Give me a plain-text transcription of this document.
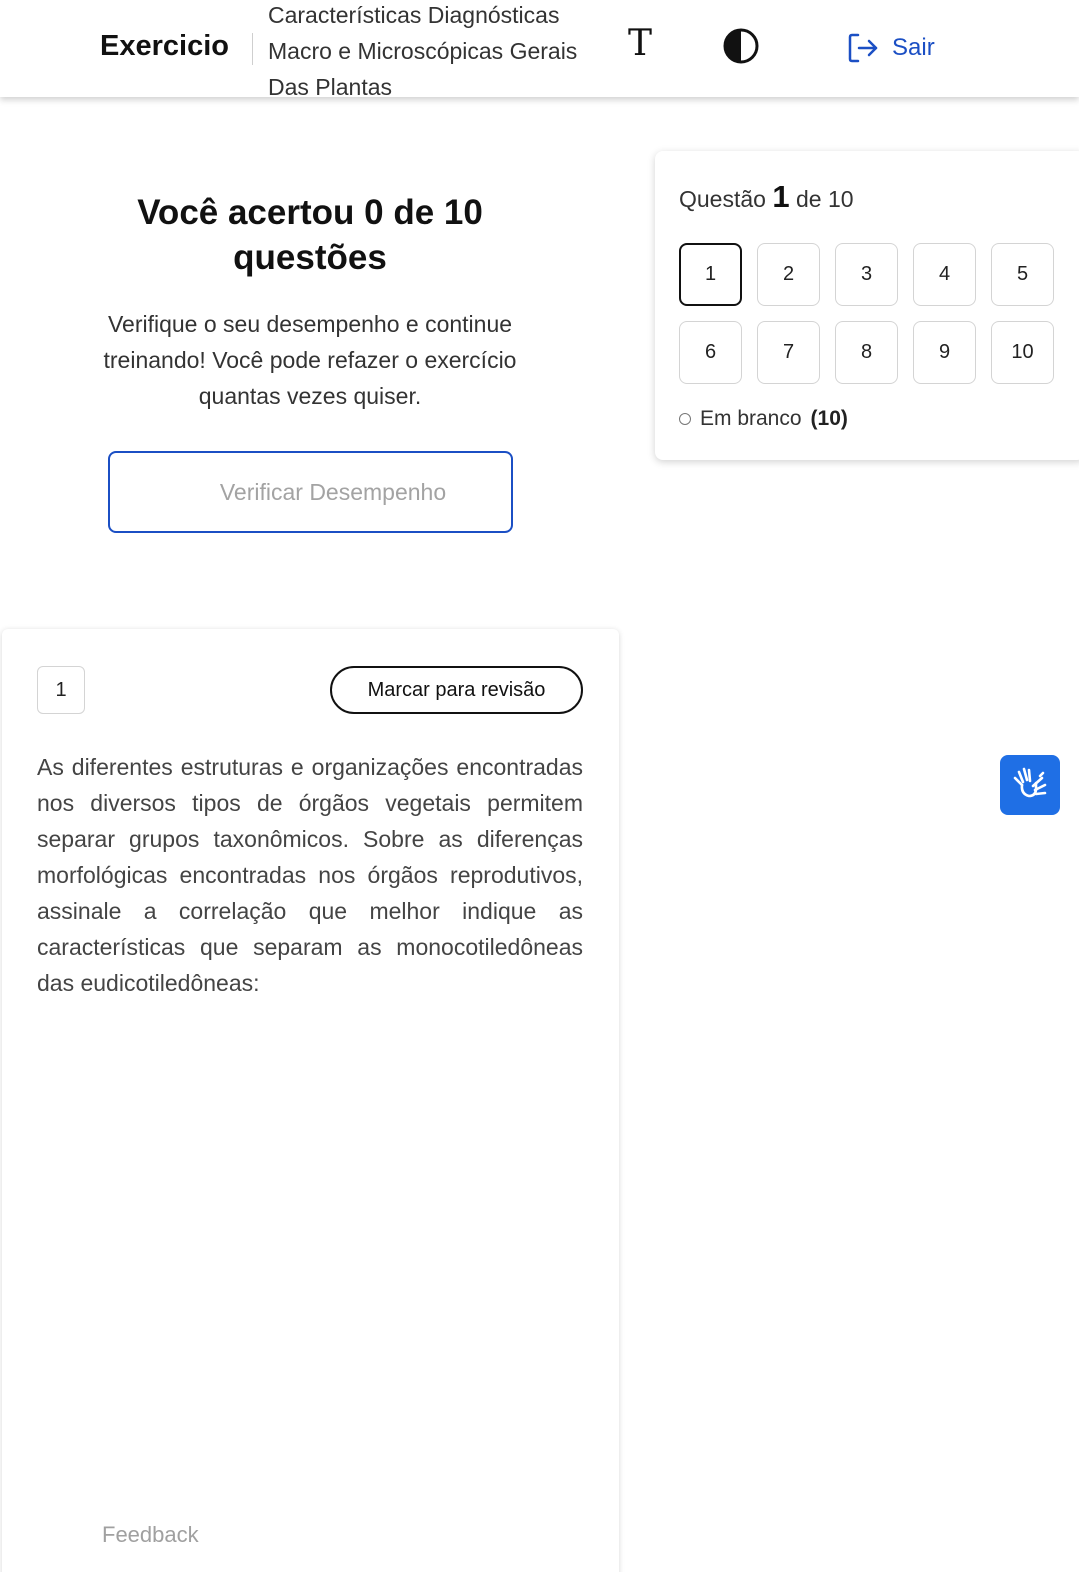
Exercicio
Características Diagnósticas Macro e Microscópicas Gerais Das Plantas
T	Sair
Você acertou 0 de 10 questões

Verifique o seu desempenho e continue treinando! Você pode refazer o exercício quantas vezes quiser.

Verificar Desempenho
Questão 1 de 10
1	2	3	4	5
6	7	8	9	10
Em branco (10)
1	Marcar para revisão

As diferentes estruturas e organizações encontradas nos diversos tipos de órgãos vegetais permitem separar grupos taxonômicos. Sobre as diferenças morfológicas encontradas nos órgãos reprodutivos, assinale a correlação que melhor indique as características que separam as monocotiledôneas das eudicotiledôneas:

Feedback
